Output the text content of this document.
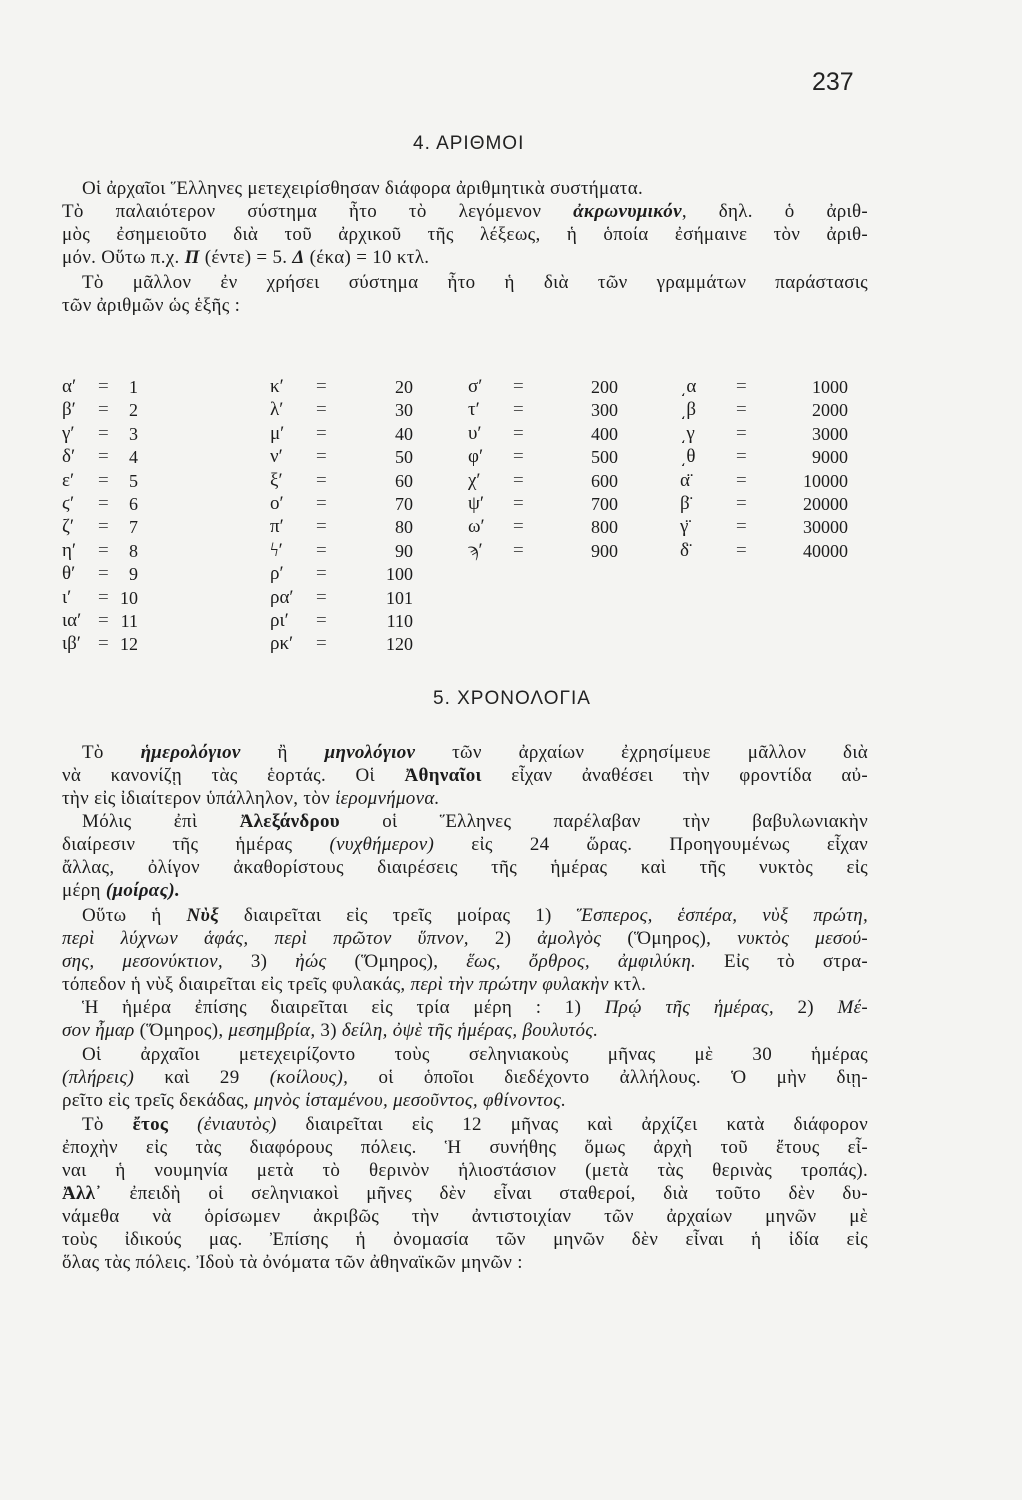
237
4. ΑΡΙΘΜΟΙ
Οἱ ἀρχαῖοι Ἕλληνες μετεχειρίσθησαν διάφορα ἀριθμητικὰ συστήματα.
Τὸ παλαιότερον σύστημα ἦτο τὸ λεγόμενον ἀκρωνυμικόν, δηλ. ὁ ἀριθ-
μὸς ἐσημειοῦτο διὰ τοῦ ἀρχικοῦ τῆς λέξεως, ἡ ὁποία ἐσήμαινε τὸν ἀριθ-
μόν. Οὕτω π.χ. Π (έντε) = 5. Δ (έκα) = 10 κτλ.
Τὸ μᾶλλον ἐν χρήσει σύστημα ἦτο ἡ διὰ τῶν γραμμάτων παράστασις
τῶν ἀριθμῶν ὡς ἑξῆς :
α′ =	1
β′ =	2
γ′ =	3
δ′ =	4
ε′ =	5
ϛ′ =	6
ζ′ =	7
η′ =	8
θ′ =	9
ι′ = 10
ια′ = 11
ιβ′ = 12
κ′ =	20
λ′ =	30
μ′ =	40
ν′ =	50
ξ′ =	60
ο′ =	70
π′ =	80
ϟ′ =	90
ρ′ =	100
ρα′ =	101
ρι′ =	110
ρκ′ =	120
σ′ =	200
τ′ =	300
υ′ =	400
φ′ =	500
χ′ =	600
ψ′ =	700
ω′ =	800
ϡ′ =	900
͵α =	1000
͵β =	2000
͵γ =	3000
͵θ =	9000
α̈ =	10000
β̈ =	20000
γ̈	=	30000
δ̈ =	40000
5. ΧΡΟΝΟΛΟΓΙΑ
Τὸ ἡμερολόγιον ἢ μηνολόγιον τῶν ἀρχαίων ἐχρησίμευε μᾶλλον διὰ
νὰ κανονίζῃ τὰς ἑορτάς. Οἱ Ἀθηναῖοι εἶχαν ἀναθέσει τὴν φροντίδα αὐ-
τὴν εἰς ἰδιαίτερον ὑπάλληλον, τὸν ἱερομνήμονα.
Μόλις ἐπὶ Ἀλεξάνδρου οἱ Ἕλληνες παρέλαβαν τὴν βαβυλωνιακὴν
διαίρεσιν τῆς ἡμέρας (νυχθήμερον) εἰς 24 ὥρας. Προηγουμένως εἶχαν
ἄλλας, ὀλίγον ἀκαθορίστους διαιρέσεις τῆς ἡμέρας καὶ τῆς νυκτὸς εἰς
μέρη (μοίρας).
Οὕτω ἡ Νὺξ διαιρεῖται εἰς τρεῖς μοίρας 1) Ἕσπερος, ἑσπέρα, νὺξ πρώτη,
περὶ λύχνων ἁφάς, περὶ πρῶτον ὕπνον, 2) ἀμολγὸς (Ὅμηρος), νυκτὸς μεσού-
σης, μεσονύκτιον, 3) ἠώς (Ὅμηρος), ἕως, ὄρθρος, ἀμφιλύκη. Εἰς τὸ στρα-
τόπεδον ἡ νὺξ διαιρεῖται εἰς τρεῖς φυλακάς, περὶ τὴν πρώτην φυλακὴν κτλ.
Ἡ ἡμέρα ἐπίσης διαιρεῖται εἰς τρία μέρη : 1) Πρῴ τῆς ἡμέρας, 2) Μέ-
σον ἦμαρ (Ὅμηρος), μεσημβρία, 3) δείλη, ὀψὲ τῆς ἡμέρας, βουλυτός.
Οἱ ἀρχαῖοι μετεχειρίζοντο τοὺς σεληνιακοὺς μῆνας μὲ 30 ἡμέρας
(πλήρεις) καὶ 29 (κοίλους), οἱ ὁποῖοι διεδέχοντο ἀλλήλους. Ὁ μὴν διῃ-
ρεῖτο εἰς τρεῖς δεκάδας, μηνὸς ἱσταμένου, μεσοῦντος, φθίνοντος.
Τὸ ἔτος (ἐνιαυτὸς) διαιρεῖται εἰς 12 μῆνας καὶ ἀρχίζει κατὰ διάφορον
ἐποχὴν εἰς τὰς διαφόρους πόλεις. Ἡ συνήθης ὅμως ἀρχὴ τοῦ ἔτους εἶ-
ναι ἡ νουμηνία μετὰ τὸ θερινὸν ἡλιοστάσιον (μετὰ τὰς θερινὰς τροπάς).
Ἀλλ᾽ ἐπειδὴ οἱ σεληνιακοὶ μῆνες δὲν εἶναι σταθεροί, διὰ τοῦτο δὲν δυ-
νάμεθα νὰ ὁρίσωμεν ἀκριβῶς τὴν ἀντιστοιχίαν τῶν ἀρχαίων μηνῶν μὲ
τοὺς ἰδικούς μας. Ἐπίσης ἡ ὀνομασία τῶν μηνῶν δὲν εἶναι ἡ ἰδία εἰς
ὅλας τὰς πόλεις. Ἰδοὺ τὰ ὀνόματα τῶν ἀθηναϊκῶν μηνῶν :
